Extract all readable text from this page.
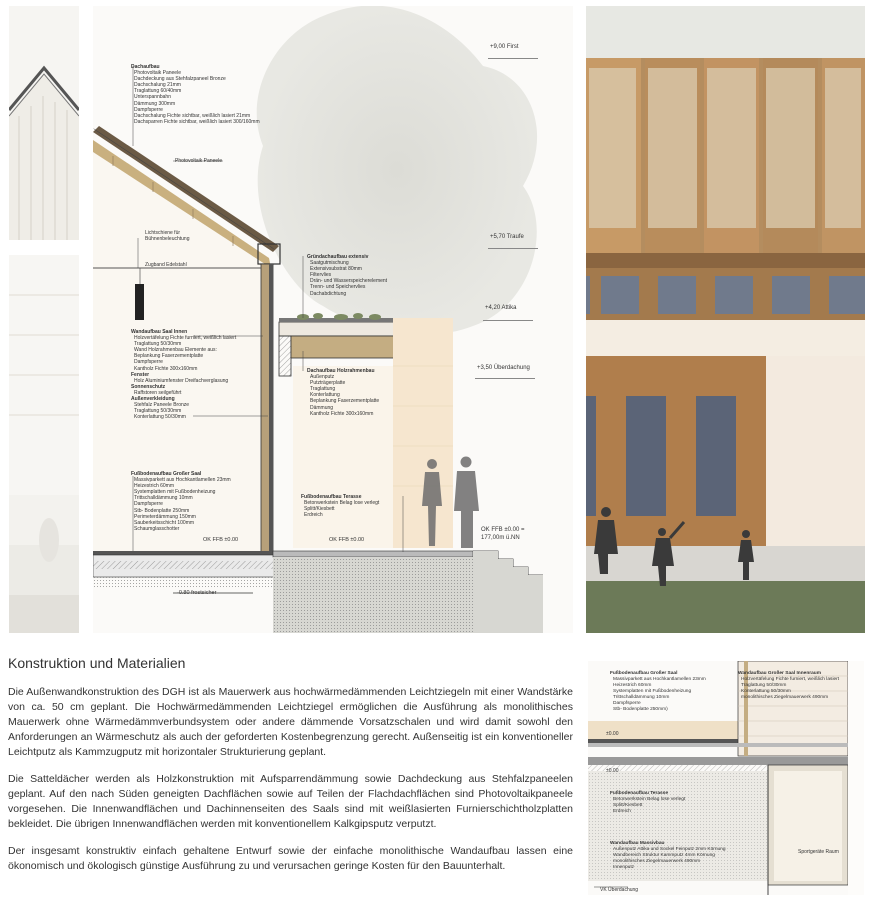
+9,00 First
+5,70 Traufe
+4,20 Attika
+3,50 Überdachung
Dachaufbau
Photovoltaik Paneele
Dachdeckung aus Stehfalzpaneel Bronze
Dachschalung 21mm
Traglattung 60/40mm
Unterspannbahn
Dämmung 300mm
Dampfsperre
Dachschalung Fichte sichtbar, weißlich lasiert 21mm
Dachsparren Fichte sichtbar, weißlich lasiert 300/160mm
Photovoltaik Paneele
Lichtschiene für
Bühnenbeleuchtung
Zugband Edelstahl
Gründachaufbau extensiv
Saatgutmischung
Extensivsubstrat 80mm
Filtervlies
Drän- und Wasserspeicherelement
Trenn- und Speichervlies
Dachabdichtung
Wandaufbau Saal Innen
Holzvertäfelung Fichte furniert, weißlich lasiert
Traglattung 50/30mm
Wand Holzrahmenbau Elemente aus:
Beplankung Faserzementplatte
Dampfsperre
Kantholz Fichte 300x160mm
Fenster
Holz Aluminiumfenster Dreifachverglasung
Sonnenschutz
Raffstoren seilgeführt
Außenverkleidung
Stehfalz Paneele Bronze
Traglattung 50/30mm
Konterlattung 50/30mm
Dachaufbau Holzrahmenbau
Außenputz
Putzträgerplatte
Traglattung
Konterlattung
Beplankung Faserzementplatte
Dämmung
Kantholz Fichte 300x160mm
Fußbodenaufbau Großer Saal
Massivparkett aus Hochkantlamellen 23mm
Heizestrich 60mm
Systemplatten mit Fußbodenheizung
Trittschalldämmung 10mm
Dampfsperre
Stb- Bodenplatte 250mm
Perimeterdämmung 150mm
Sauberkeitsschicht 100mm
Schaumglasschotter
Fußbodenaufbau Terasse
Betonwerkstein Belag lose verlegt
Splitt/Kiesbett
Erdreich
OK FFB ±0.00	OK FFB ±0.00
OK FFB ±0.00 =
177,00m ü.NN
-0.80 frostsicher
Konstruktion und Materialien

Die Außenwandkonstruktion des DGH ist als Mauerwerk aus hochwärmedämmenden Leichtziegeln mit einer Wandstärke von ca. 50 cm geplant. Die Hochwärmedämmenden Leichtziegel ermöglichen die Ausführung als monolithisches Mauerwerk ohne Wärmedämmverbundsystem oder andere dämmende Vorsatzschalen und wird damit sowohl den Anforderungen an Wärmeschutz als auch der geforderten Kostenbegrenzung gerecht. Außenseitig ist ein konventioneller Leichtputz als Kammzugputz mit horizontaler Strukturierung geplant.

Die Satteldächer werden als Holzkonstruktion mit Aufsparrendämmung sowie Dachdeckung aus Stehfalzpaneelen geplant. Auf den nach Süden geneigten Dachflächen sowie auf Teilen der Flachdachflächen sind Photovoltaikpaneele vorgesehen. Die Innenwandflächen und Dachinnenseiten des Saals sind mit weißlasierten Furnierschichtholzplatten bekleidet. Die übrigen Innenwandflächen werden mit konventionellem Kalkgipsputz verputzt.

Der insgesamt konstruktiv einfach gehaltene Entwurf sowie der einfache monolithische Wandaufbau lassen eine ökonomisch und ökologisch günstige Ausführung zu und verursachen geringe Kosten für den Bauunterhalt.

Fußbodenaufbau Großer Saal
Massivparkett aus Hochkantlamellen 23mm
Heizestrich 60mm
Systemplatten mit Fußbodenheizung
Trittschalldämmung 10mm
Dampfsperre
Stb- Bodenplatte 250mm)
Wandaufbau Großer Saal Innenraum
Holzvertäfelung Fichte furniert, weißlich lasiert
Traglattung 50/30mm
Konterlattung 50/30mm
monolithisches Ziegelmauerwerk 490mm
±0.00
±0.00
Fußbodenaufbau Terasse
Betonwerkstein Belag lose verlegt
Splitt/Kiesbett
Erdreich
Wandaufbau Massivbau
Außenputz Attika und Sockel Feinputz 2mm Körnung
Wandbereich Struktur Kammputz 4mm Körnung
monolithisches Ziegelmauerwerk 490mm
Innenputz
Sportgeräte Raum
VK Überdachung
